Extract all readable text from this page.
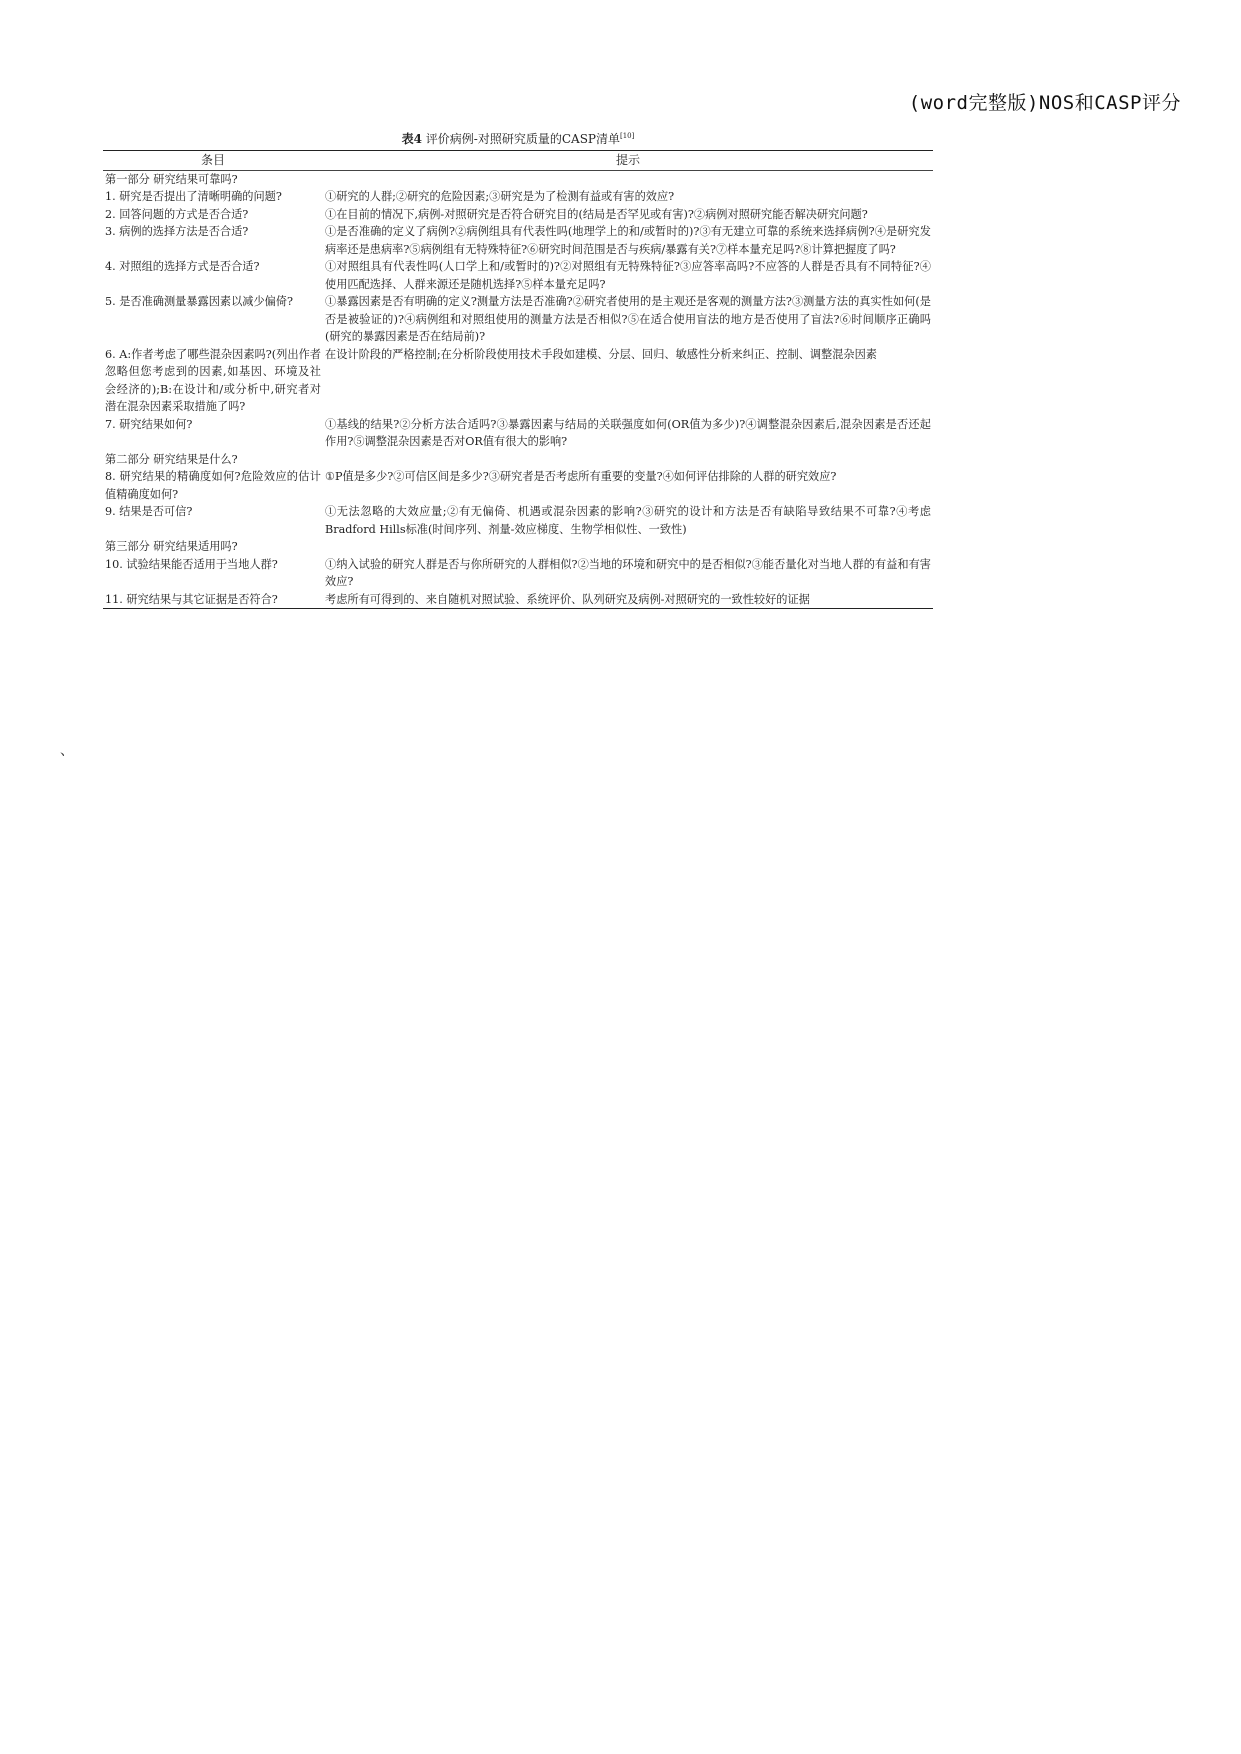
(word完整版)NOS和CASP评分
表4 评价病例-对照研究质量的CASP清单[10]
条目	提示
第一部分 研究结果可靠吗?	
1. 研究是否提出了清晰明确的问题?	①研究的人群;②研究的危险因素;③研究是为了检测有益或有害的效应?
2. 回答问题的方式是否合适?	①在目前的情况下,病例-对照研究是否符合研究目的(结局是否罕见或有害)?②病例对照研究能否解决研究问题?
3. 病例的选择方法是否合适?	①是否准确的定义了病例?②病例组具有代表性吗(地理学上的和/或暂时的)?③有无建立可靠的系统来选择病例?④是研究发病率还是患病率?⑤病例组有无特殊特征?⑥研究时间范围是否与疾病/暴露有关?⑦样本量充足吗?⑧计算把握度了吗?
4. 对照组的选择方式是否合适?	①对照组具有代表性吗(人口学上和/或暂时的)?②对照组有无特殊特征?③应答率高吗?不应答的人群是否具有不同特征?④使用匹配选择、人群来源还是随机选择?⑤样本量充足吗?
5. 是否准确测量暴露因素以减少偏倚?	①暴露因素是否有明确的定义?测量方法是否准确?②研究者使用的是主观还是客观的测量方法?③测量方法的真实性如何(是否是被验证的)?④病例组和对照组使用的测量方法是否相似?⑤在适合使用盲法的地方是否使用了盲法?⑥时间顺序正确吗(研究的暴露因素是否在结局前)?
6. A:作者考虑了哪些混杂因素吗?(列出作者忽略但您考虑到的因素,如基因、环境及社会经济的);B:在设计和/或分析中,研究者对潜在混杂因素采取措施了吗?	在设计阶段的严格控制;在分析阶段使用技术手段如建模、分层、回归、敏感性分析来纠正、控制、调整混杂因素
7. 研究结果如何?	①基线的结果?②分析方法合适吗?③暴露因素与结局的关联强度如何(OR值为多少)?④调整混杂因素后,混杂因素是否还起作用?⑤调整混杂因素是否对OR值有很大的影响?
第二部分 研究结果是什么?	
8. 研究结果的精确度如何?危险效应的估计值精确度如何?	①P值是多少?②可信区间是多少?③研究者是否考虑所有重要的变量?④如何评估排除的人群的研究效应?
9. 结果是否可信?	①无法忽略的大效应量;②有无偏倚、机遇或混杂因素的影响?③研究的设计和方法是否有缺陷导致结果不可靠?④考虑Bradford Hills标准(时间序列、剂量-效应梯度、生物学相似性、一致性)
第三部分 研究结果适用吗?	
10. 试验结果能否适用于当地人群?	①纳入试验的研究人群是否与你所研究的人群相似?②当地的环境和研究中的是否相似?③能否量化对当地人群的有益和有害效应?
11. 研究结果与其它证据是否符合?	考虑所有可得到的、来自随机对照试验、系统评价、队列研究及病例-对照研究的一致性较好的证据
、
